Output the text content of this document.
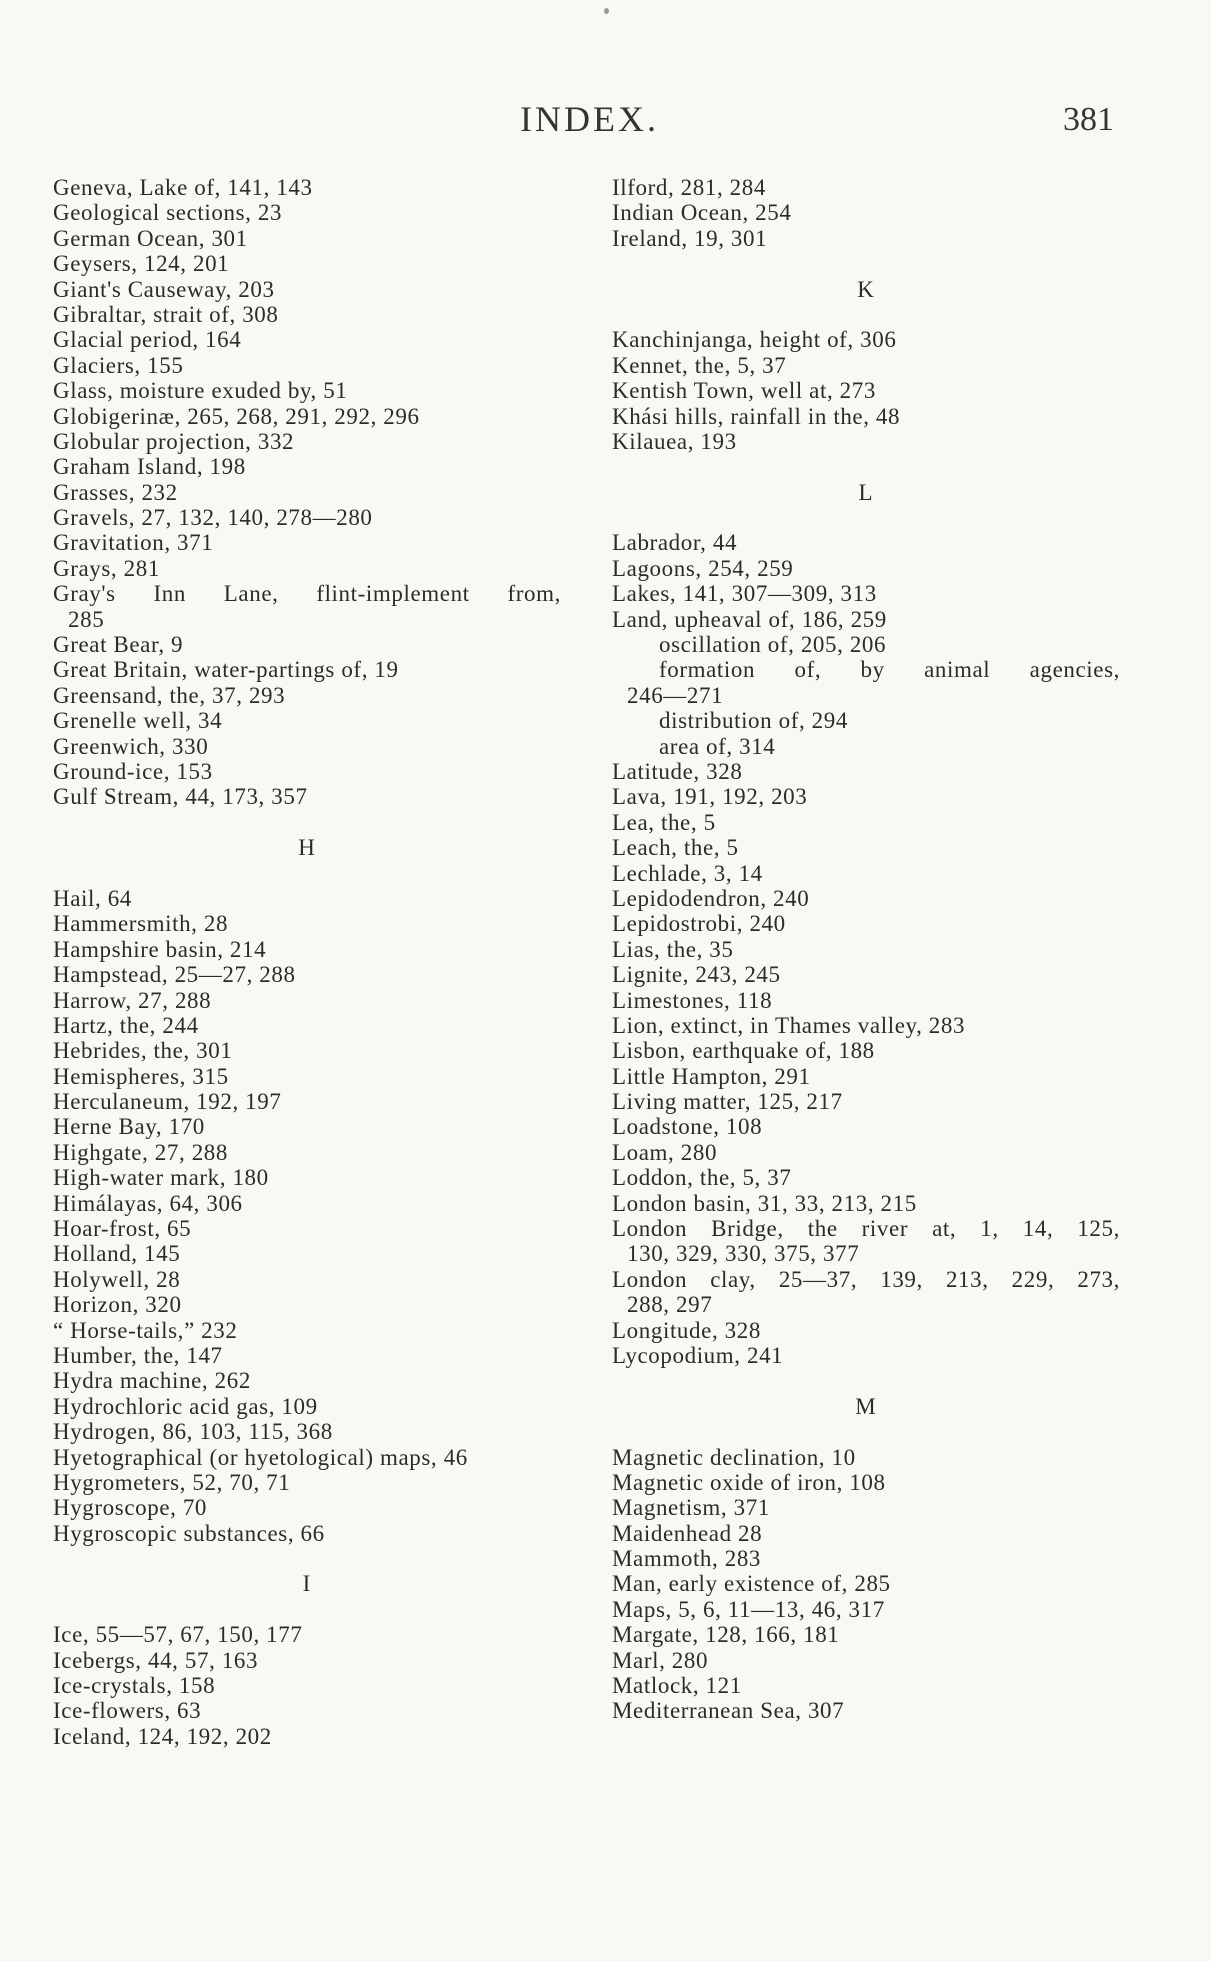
INDEX.	381
Geneva, Lake of, 141, 143
Geological sections, 23
German Ocean, 301
Geysers, 124, 201
Giant's Causeway, 203
Gibraltar, strait of, 308
Glacial period, 164
Glaciers, 155
Glass, moisture exuded by, 51
Globigerinæ, 265, 268, 291, 292, 296
Globular projection, 332
Graham Island, 198
Grasses, 232
Gravels, 27, 132, 140, 278—280
Gravitation, 371
Grays, 281
Gray's Inn Lane, flint-implement from,
285
Great Bear, 9
Great Britain, water-partings of, 19
Greensand, the, 37, 293
Grenelle well, 34
Greenwich, 330
Ground-ice, 153
Gulf Stream, 44, 173, 357
H
Hail, 64
Hammersmith, 28
Hampshire basin, 214
Hampstead, 25—27, 288
Harrow, 27, 288
Hartz, the, 244
Hebrides, the, 301
Hemispheres, 315
Herculaneum, 192, 197
Herne Bay, 170
Highgate, 27, 288
High-water mark, 180
Himálayas, 64, 306
Hoar-frost, 65
Holland, 145
Holywell, 28
Horizon, 320
“ Horse-tails,” 232
Humber, the, 147
Hydra machine, 262
Hydrochloric acid gas, 109
Hydrogen, 86, 103, 115, 368
Hyetographical (or hyetological) maps, 46
Hygrometers, 52, 70, 71
Hygroscope, 70
Hygroscopic substances, 66
I
Ice, 55—57, 67, 150, 177
Icebergs, 44, 57, 163
Ice-crystals, 158
Ice-flowers, 63
Iceland, 124, 192, 202
Ilford, 281, 284
Indian Ocean, 254
Ireland, 19, 301
K
Kanchinjanga, height of, 306
Kennet, the, 5, 37
Kentish Town, well at, 273
Khási hills, rainfall in the, 48
Kilauea, 193
L
Labrador, 44
Lagoons, 254, 259
Lakes, 141, 307—309, 313
Land, upheaval of, 186, 259
oscillation of, 205, 206
formation of, by animal agencies,
246—271
distribution of, 294
area of, 314
Latitude, 328
Lava, 191, 192, 203
Lea, the, 5
Leach, the, 5
Lechlade, 3, 14
Lepidodendron, 240
Lepidostrobi, 240
Lias, the, 35
Lignite, 243, 245
Limestones, 118
Lion, extinct, in Thames valley, 283
Lisbon, earthquake of, 188
Little Hampton, 291
Living matter, 125, 217
Loadstone, 108
Loam, 280
Loddon, the, 5, 37
London basin, 31, 33, 213, 215
London Bridge, the river at, 1, 14, 125,
130, 329, 330, 375, 377
London clay, 25—37, 139, 213, 229, 273,
288, 297
Longitude, 328
Lycopodium, 241
M
Magnetic declination, 10
Magnetic oxide of iron, 108
Magnetism, 371
Maidenhead 28
Mammoth, 283
Man, early existence of, 285
Maps, 5, 6, 11—13, 46, 317
Margate, 128, 166, 181
Marl, 280
Matlock, 121
Mediterranean Sea, 307
